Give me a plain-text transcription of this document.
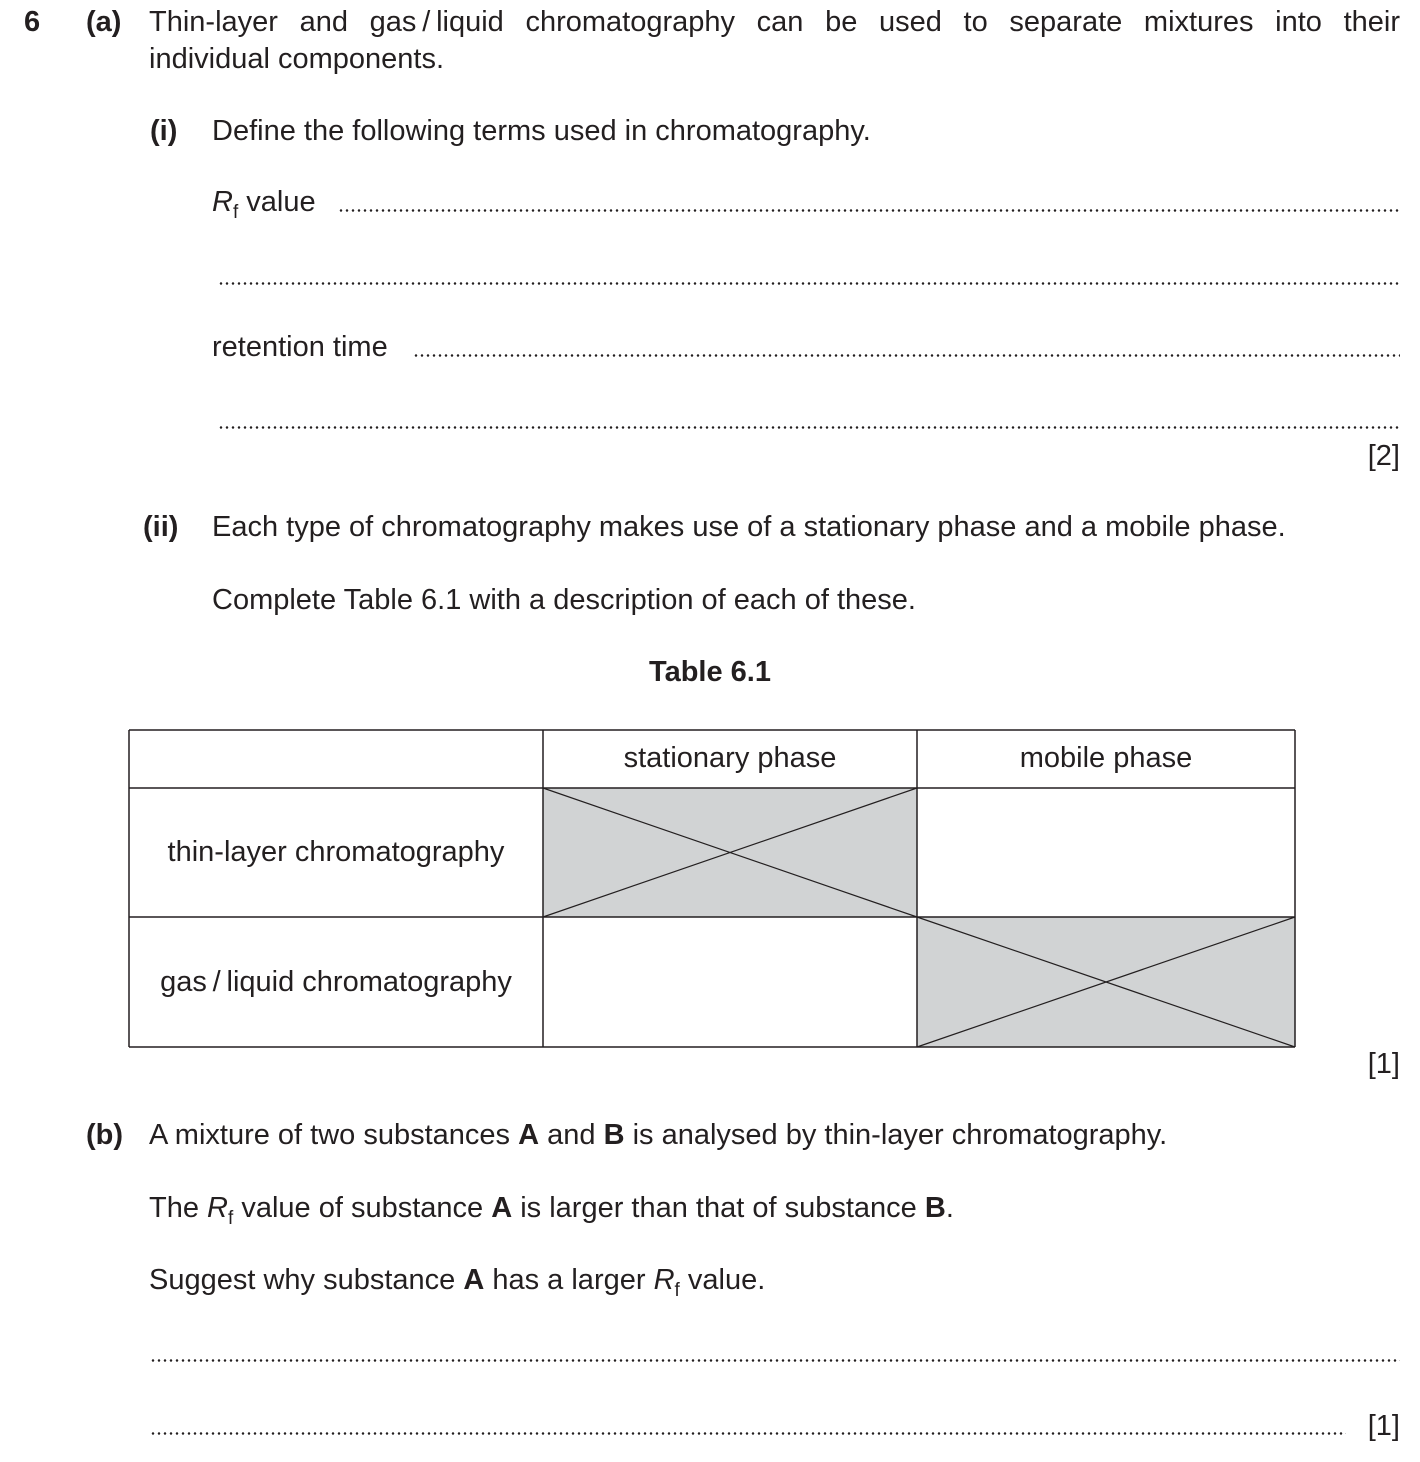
6 (a) Thin-layer and gas / liquid chromatography can be used to separate mixtures into their
individual components.
(i) Define the following terms used in chromatography.
$R_f$ value
retention time
[2]
(ii) Each type of chromatography makes use of a stationary phase and a mobile phase.
Complete Table 6.1 with a description of each of these.
Table 6.1
stationary phase	mobile phase
thin-layer chromatography
gas / liquid chromatography
[1]
(b) A mixture of two substances A and B is analysed by thin-layer chromatography.
The $R_f$ value of substance A is larger than that of substance B.
Suggest why substance A has a larger $R_f$ value.
[1]
